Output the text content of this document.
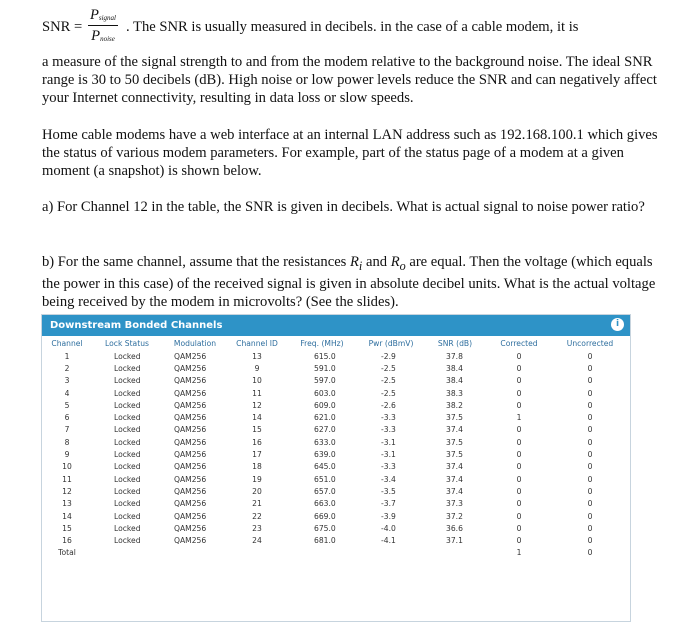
SNR =
$P_{signal}$
$P_{noise}$
. The SNR is usually measured in decibels. in the case of a cable modem, it is
a measure of the signal strength to and from the modem relative to the background noise. The ideal SNR range is 30 to 50 decibels (dB). High noise or low power levels reduce the SNR and can negatively affect your Internet connectivity, resulting in data loss or slow speeds.
Home cable modems have a web interface at an internal LAN address such as 192.168.100.1 which gives the status of various modem parameters. For example, part of the status page of a modem at a given moment (a snapshot) is shown below.
a) For Channel 12 in the table, the SNR is given in decibels. What is actual signal to noise power ratio?
b) For the same channel, assume that the resistances $R_i$ and $R_o$ are equal. Then the voltage (which equals the power in this case) of the received signal is given in absolute decibel units. What is the actual voltage being received by the modem in microvolts? (See the slides).
Downstream Bonded Channels	i
Channel	Lock Status	Modulation	Channel ID	Freq. (MHz)	Pwr (dBmV)	SNR (dB)	Corrected	Uncorrected
1	Locked	QAM256	13	615.0	-2.9	37.8	0	0
2	Locked	QAM256	9	591.0	-2.5	38.4	0	0
3	Locked	QAM256	10	597.0	-2.5	38.4	0	0
4	Locked	QAM256	11	603.0	-2.5	38.3	0	0
5	Locked	QAM256	12	609.0	-2.6	38.2	0	0
6	Locked	QAM256	14	621.0	-3.3	37.5	1	0
7	Locked	QAM256	15	627.0	-3.3	37.4	0	0
8	Locked	QAM256	16	633.0	-3.1	37.5	0	0
9	Locked	QAM256	17	639.0	-3.1	37.5	0	0
10	Locked	QAM256	18	645.0	-3.3	37.4	0	0
11	Locked	QAM256	19	651.0	-3.4	37.4	0	0
12	Locked	QAM256	20	657.0	-3.5	37.4	0	0
13	Locked	QAM256	21	663.0	-3.7	37.3	0	0
14	Locked	QAM256	22	669.0	-3.9	37.2	0	0
15	Locked	QAM256	23	675.0	-4.0	36.6	0	0
16	Locked	QAM256	24	681.0	-4.1	37.1	0	0
Total							1	0
